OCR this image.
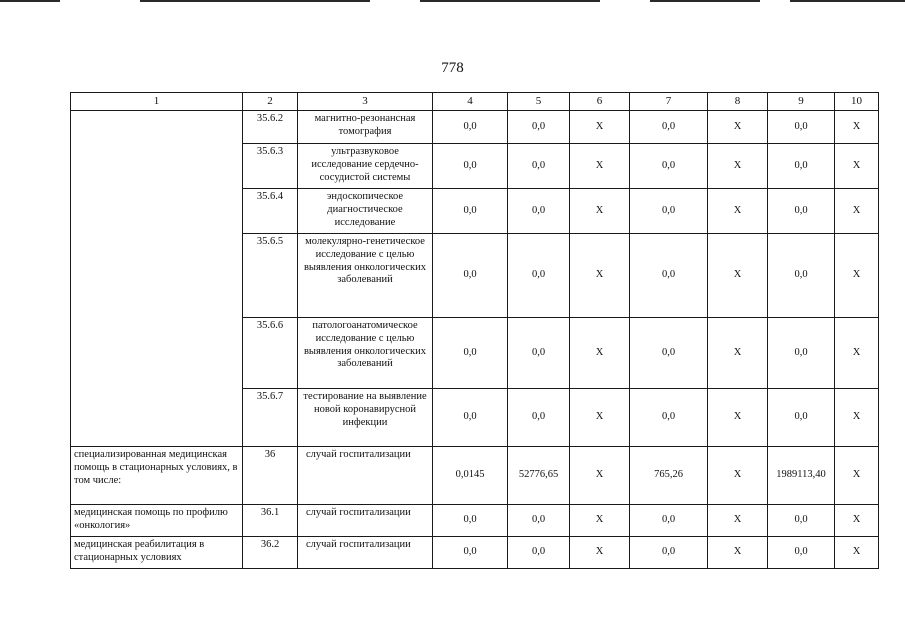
778
1	2	3	4	5	6	7	8	9	10
	35.6.2	магнитно-резонансная томография	0,0	0,0	X	0,0	X	0,0	X
	35.6.3	ультразвуковое исследование сердечно-сосудистой системы	0,0	0,0	X	0,0	X	0,0	X
	35.6.4	эндоскопическое диагностическое исследование	0,0	0,0	X	0,0	X	0,0	X
	35.6.5	молекулярно-генетическое исследование с целью выявления онкологических заболеваний	0,0	0,0	X	0,0	X	0,0	X
	35.6.6	патологоанатомическое исследование с целью выявления онкологических заболеваний	0,0	0,0	X	0,0	X	0,0	X
	35.6.7	тестирование на выявление новой коронавирусной инфекции	0,0	0,0	X	0,0	X	0,0	X
специализированная медицинская помощь в стационарных условиях, в том числе:	36	случай госпитализации	0,0145	52776,65	X	765,26	X	1989113,40	X
медицинская помощь по профилю «онкология»	36.1	случай госпитализации	0,0	0,0	X	0,0	X	0,0	X
медицинская реабилитация в стационарных условиях	36.2	случай госпитализации	0,0	0,0	X	0,0	X	0,0	X
